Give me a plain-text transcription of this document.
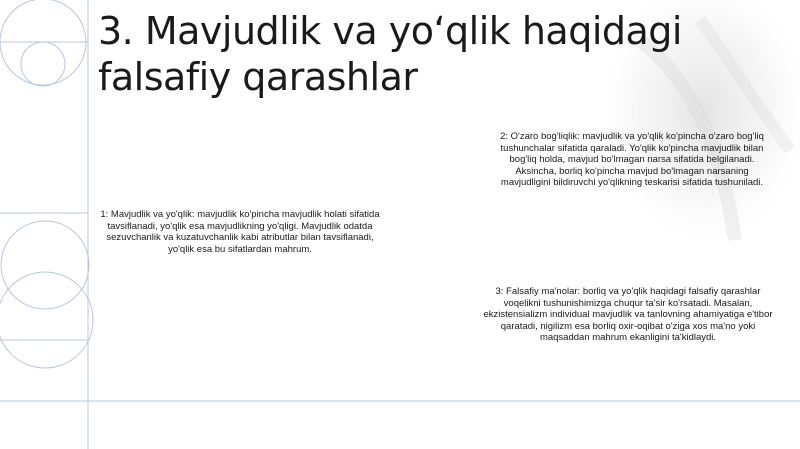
3. Mavjudlik va yo‘qlik haqidagi falsafiy qarashlar
1: Mavjudlik va yo'qlik: mavjudlik ko'pincha mavjudlik holati sifatida tavsiflanadi, yo'qlik esa mavjudlikning yo'qligi. Mavjudlik odatda sezuvchanlik va kuzatuvchanlik kabi atributlar bilan tavsiflanadi, yo'qlik esa bu sifatlardan mahrum.
2: O'zaro bog'liqlik: mavjudlik va yo'qlik ko'pincha o'zaro bog'liq tushunchalar sifatida qaraladi. Yo'qlik ko'pincha mavjudlik bilan bog'liq holda, mavjud bo'lmagan narsa sifatida belgilanadi. Aksincha, borliq ko'pincha mavjud bo'lmagan narsaning mavjudligini bildiruvchi yo'qlikning teskarisi sifatida tushuniladi.
3: Falsafiy ma'nolar: borliq va yo'qlik haqidagi falsafiy qarashlar voqelikni tushunishimizga chuqur ta'sir ko'rsatadi. Masalan, ekzistensializm individual mavjudlik va tanlovning ahamiyatiga e'tibor qaratadi, nigilizm esa borliq oxir-oqibat o'ziga xos ma'no yoki maqsaddan mahrum ekanligini ta'kidlaydi.
